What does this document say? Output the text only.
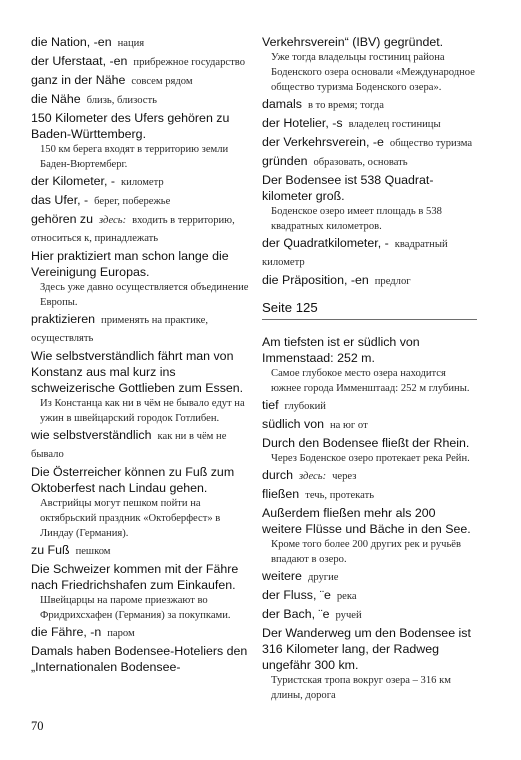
die Nation, -en нация
der Uferstaat, -en прибрежное государство
ganz in der Nähe совсем рядом
die Nähe близь, близость
150 Kilometer des Ufers gehören zu Baden-Württemberg.
150 км берега входят в территорию земли Баден-Вюртемберг.
der Kilometer, - километр
das Ufer, - берег, побережье
gehören zu здесь: входить в территорию, относиться к, принадлежать
Hier praktiziert man schon lange die Vereinigung Europas.
Здесь уже давно осуществляется объединение Европы.
praktizieren применять на практике, осуществлять
Wie selbstverständlich fährt man von Konstanz aus mal kurz ins schweizerische Gottlieben zum Essen.
Из Констанца как ни в чём не бывало едут на ужин в швейцарский городок Готлибен.
wie selbstverständlich как ни в чём не бывало
Die Österreicher können zu Fuß zum Oktoberfest nach Lindau gehen.
Австрийцы могут пешком пойти на октябрьский праздник «Октоберфест» в Линдау (Германия).
zu Fuß пешком
Die Schweizer kommen mit der Fähre nach Friedrichshafen zum Einkaufen.
Швейцарцы на пароме приезжают во Фридрихсхафен (Германия) за покупками.
die Fähre, -n паром
Damals haben Bodensee-Hoteliers den „Internationalen Bodensee-
Verkehrsverein“ (IBV) gegründet.
Уже тогда владельцы гостиниц района Боденского озера основали «Международное общество туризма Боденского озера».
damals в то время; тогда
der Hotelier, -s владелец гостиницы
der Verkehrsverein, -e общество туризма
gründen образовать, основать
Der Bodensee ist 538 Quadrat-kilometer groß.
Боденское озеро имеет площадь в 538 квадратных километров.
der Quadratkilometer, - квадратный километр
die Präposition, -en предлог
Seite 125
Am tiefsten ist er südlich von Immenstaad: 252 m.
Самое глубокое место озера находится южнее города Имменштаад: 252 м глубины.
tief глубокий
südlich von на юг от
Durch den Bodensee fließt der Rhein.
Через Боденское озеро протекает река Рейн.
durch здесь: через
fließen течь, протекать
Außerdem fließen mehr als 200 weitere Flüsse und Bäche in den See.
Кроме того более 200 других рек и ручьёв впадают в озеро.
weitere другие
der Fluss, ¨e река
der Bach, ¨e ручей
Der Wanderweg um den Bodensee ist 316 Kilometer lang, der Radweg ungefähr 300 km.
Туристская тропа вокруг озера – 316 км длины, дорога
70
